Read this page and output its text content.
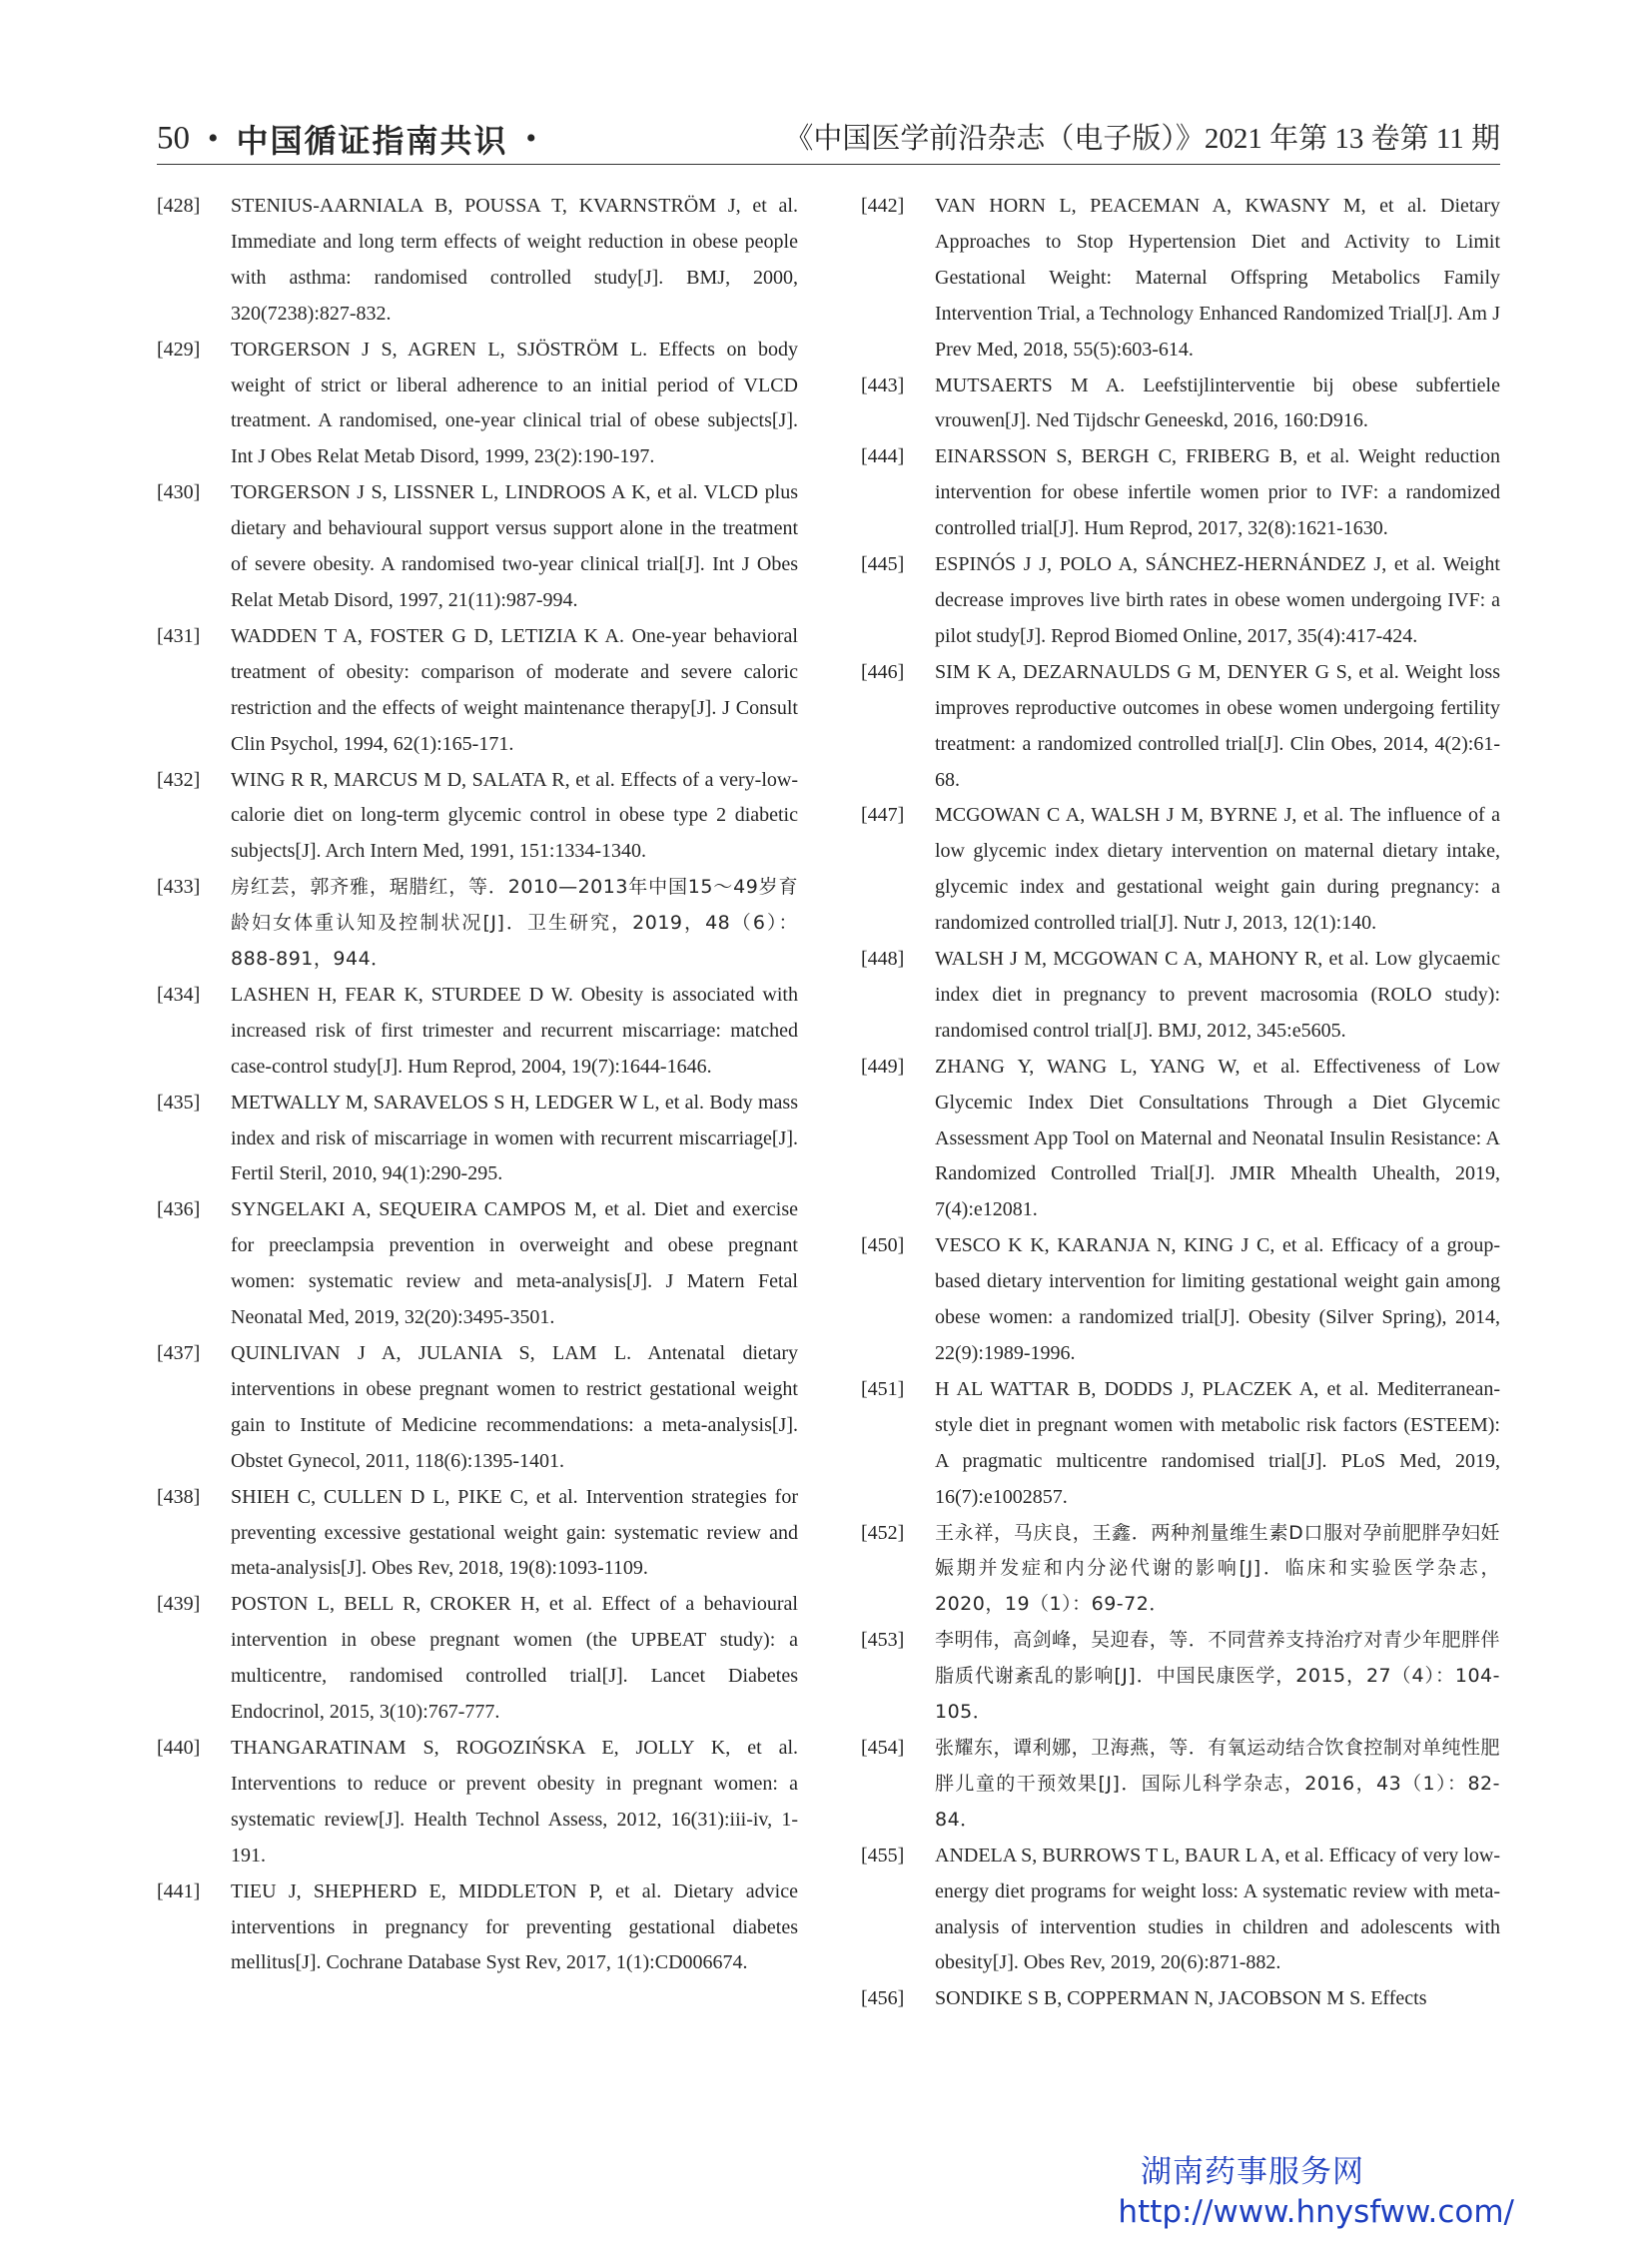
50 • 中国循证指南共识 •	《中国医学前沿杂志（电子版）》2021 年第 13 卷第 11 期
[428]	STENIUS-AARNIALA B, POUSSA T, KVARNSTRÖM J, et al. Immediate and long term effects of weight reduction in obese people with asthma: randomised controlled study[J]. BMJ, 2000, 320(7238):827-832.
[429]	TORGERSON J S, AGREN L, SJÖSTRÖM L. Effects on body weight of strict or liberal adherence to an initial period of VLCD treatment. A randomised, one-year clinical trial of obese subjects[J]. Int J Obes Relat Metab Disord, 1999, 23(2):190-197.
[430]	TORGERSON J S, LISSNER L, LINDROOS A K, et al. VLCD plus dietary and behavioural support versus support alone in the treatment of severe obesity. A randomised two-year clinical trial[J]. Int J Obes Relat Metab Disord, 1997, 21(11):987-994.
[431]	WADDEN T A, FOSTER G D, LETIZIA K A. One-year behavioral treatment of obesity: comparison of moderate and severe caloric restriction and the effects of weight maintenance therapy[J]. J Consult Clin Psychol, 1994, 62(1):165-171.
[432]	WING R R, MARCUS M D, SALATA R, et al. Effects of a very-low-calorie diet on long-term glycemic control in obese type 2 diabetic subjects[J]. Arch Intern Med, 1991, 151:1334-1340.
[433]	房红芸，郭齐雅，琚腊红，等．2010—2013年中国15～49岁育龄妇女体重认知及控制状况[J]．卫生研究，2019，48（6）：888-891，944．
[434]	LASHEN H, FEAR K, STURDEE D W. Obesity is associated with increased risk of first trimester and recurrent miscarriage: matched case-control study[J]. Hum Reprod, 2004, 19(7):1644-1646.
[435]	METWALLY M, SARAVELOS S H, LEDGER W L, et al. Body mass index and risk of miscarriage in women with recurrent miscarriage[J]. Fertil Steril, 2010, 94(1):290-295.
[436]	SYNGELAKI A, SEQUEIRA CAMPOS M, et al. Diet and exercise for preeclampsia prevention in overweight and obese pregnant women: systematic review and meta-analysis[J]. J Matern Fetal Neonatal Med, 2019, 32(20):3495-3501.
[437]	QUINLIVAN J A, JULANIA S, LAM L. Antenatal dietary interventions in obese pregnant women to restrict gestational weight gain to Institute of Medicine recommendations: a meta-analysis[J]. Obstet Gynecol, 2011, 118(6):1395-1401.
[438]	SHIEH C, CULLEN D L, PIKE C, et al. Intervention strategies for preventing excessive gestational weight gain: systematic review and meta-analysis[J]. Obes Rev, 2018, 19(8):1093-1109.
[439]	POSTON L, BELL R, CROKER H, et al. Effect of a behavioural intervention in obese pregnant women (the UPBEAT study): a multicentre, randomised controlled trial[J]. Lancet Diabetes Endocrinol, 2015, 3(10):767-777.
[440]	THANGARATINAM S, ROGOZIŃSKA E, JOLLY K, et al. Interventions to reduce or prevent obesity in pregnant women: a systematic review[J]. Health Technol Assess, 2012, 16(31):iii-iv, 1-191.
[441]	TIEU J, SHEPHERD E, MIDDLETON P, et al. Dietary advice interventions in pregnancy for preventing gestational diabetes mellitus[J]. Cochrane Database Syst Rev, 2017, 1(1):CD006674.
[442]	VAN HORN L, PEACEMAN A, KWASNY M, et al. Dietary Approaches to Stop Hypertension Diet and Activity to Limit Gestational Weight: Maternal Offspring Metabolics Family Intervention Trial, a Technology Enhanced Randomized Trial[J]. Am J Prev Med, 2018, 55(5):603-614.
[443]	MUTSAERTS M A. Leefstijlinterventie bij obese subfertiele vrouwen[J]. Ned Tijdschr Geneeskd, 2016, 160:D916.
[444]	EINARSSON S, BERGH C, FRIBERG B, et al. Weight reduction intervention for obese infertile women prior to IVF: a randomized controlled trial[J]. Hum Reprod, 2017, 32(8):1621-1630.
[445]	ESPINÓS J J, POLO A, SÁNCHEZ-HERNÁNDEZ J, et al. Weight decrease improves live birth rates in obese women undergoing IVF: a pilot study[J]. Reprod Biomed Online, 2017, 35(4):417-424.
[446]	SIM K A, DEZARNAULDS G M, DENYER G S, et al. Weight loss improves reproductive outcomes in obese women undergoing fertility treatment: a randomized controlled trial[J]. Clin Obes, 2014, 4(2):61-68.
[447]	MCGOWAN C A, WALSH J M, BYRNE J, et al. The influence of a low glycemic index dietary intervention on maternal dietary intake, glycemic index and gestational weight gain during pregnancy: a randomized controlled trial[J]. Nutr J, 2013, 12(1):140.
[448]	WALSH J M, MCGOWAN C A, MAHONY R, et al. Low glycaemic index diet in pregnancy to prevent macrosomia (ROLO study): randomised control trial[J]. BMJ, 2012, 345:e5605.
[449]	ZHANG Y, WANG L, YANG W, et al. Effectiveness of Low Glycemic Index Diet Consultations Through a Diet Glycemic Assessment App Tool on Maternal and Neonatal Insulin Resistance: A Randomized Controlled Trial[J]. JMIR Mhealth Uhealth, 2019, 7(4):e12081.
[450]	VESCO K K, KARANJA N, KING J C, et al. Efficacy of a group-based dietary intervention for limiting gestational weight gain among obese women: a randomized trial[J]. Obesity (Silver Spring), 2014, 22(9):1989-1996.
[451]	H AL WATTAR B, DODDS J, PLACZEK A, et al. Mediterranean-style diet in pregnant women with metabolic risk factors (ESTEEM): A pragmatic multicentre randomised trial[J]. PLoS Med, 2019, 16(7):e1002857.
[452]	王永祥，马庆良，王鑫．两种剂量维生素D口服对孕前肥胖孕妇妊娠期并发症和内分泌代谢的影响[J]．临床和实验医学杂志，2020，19（1）：69-72．
[453]	李明伟，高剑峰，吴迎春，等．不同营养支持治疗对青少年肥胖伴脂质代谢紊乱的影响[J]．中国民康医学，2015，27（4）：104-105．
[454]	张耀东，谭利娜，卫海燕，等．有氧运动结合饮食控制对单纯性肥胖儿童的干预效果[J]．国际儿科学杂志，2016，43（1）：82-84．
[455]	ANDELA S, BURROWS T L, BAUR L A, et al. Efficacy of very low-energy diet programs for weight loss: A systematic review with meta-analysis of intervention studies in children and adolescents with obesity[J]. Obes Rev, 2019, 20(6):871-882.
[456]	SONDIKE S B, COPPERMAN N, JACOBSON M S. Effects
湖南药事服务网
http://www.hnysfww.com/
